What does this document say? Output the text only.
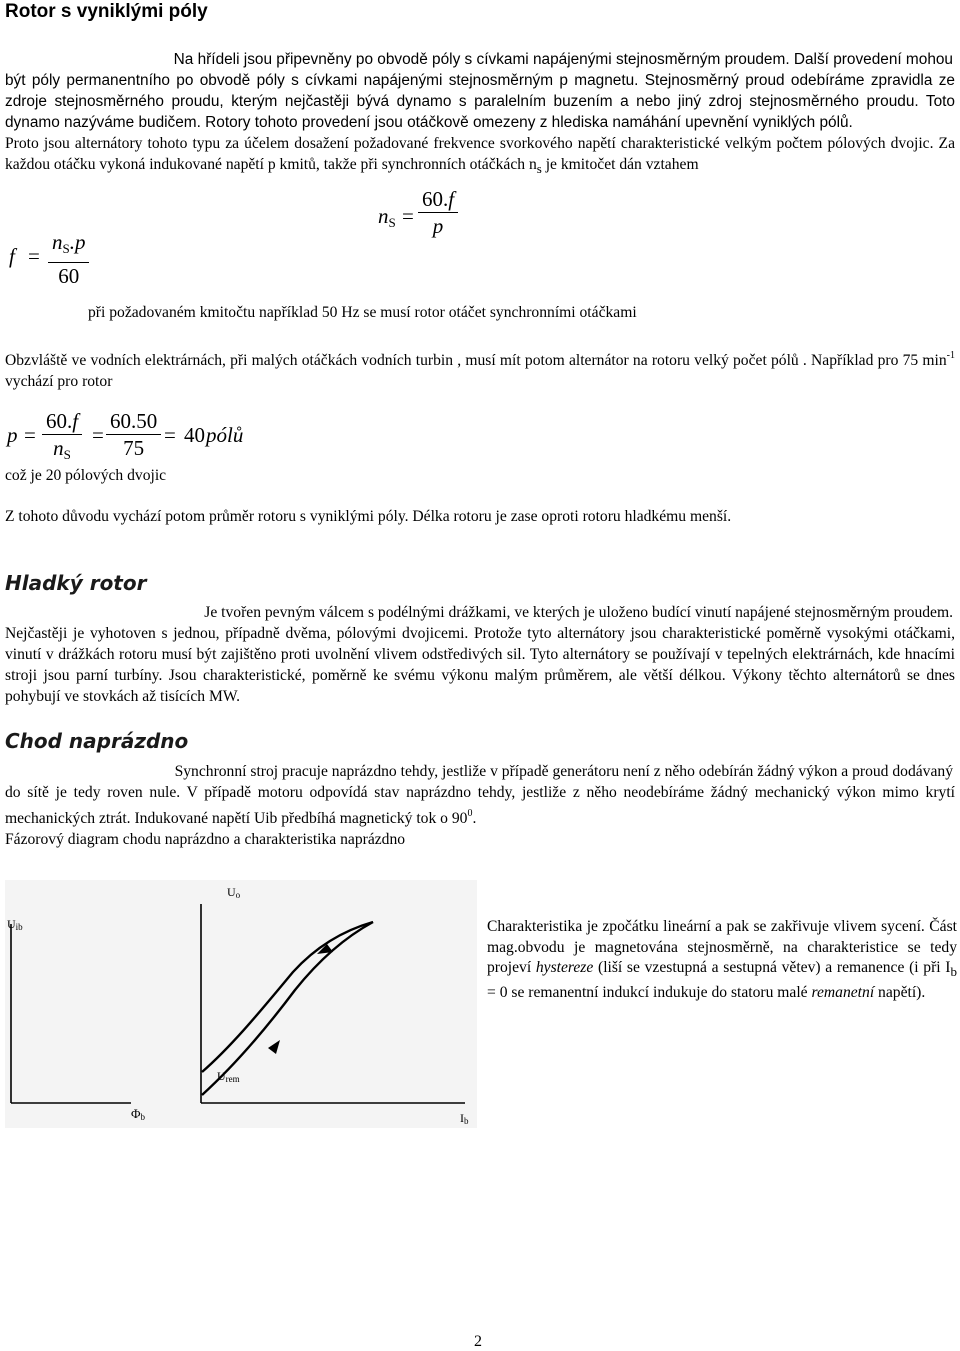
Rotor s vyniklými póly
Na hřídeli jsou připevněny po obvodě póly s cívkami napájenými stejnosměrným proudem. Další provedení mohou
být póly permanentního po obvodě póly s cívkami napájenými stejnosměrným p magnetu. Stejnosměrný proud odebíráme zpravidla ze zdroje stejnosměrného proudu, kterým nejčastěji bývá dynamo s paralelním buzením a nebo jiný zdroj stejnosměrného proudu. Toto dynamo nazýváme budičem. Rotory tohoto provedení jsou otáčkově omezeny z hlediska namáhání upevnění vyniklých pólů.
Proto jsou alternátory tohoto typu za účelem dosažení požadované frekvence svorkového napětí charakteristické velkým počtem pólových dvojic. Za každou otáčku vykoná indukované napětí p kmitů, takže při synchronních otáčkách $n_s$ je kmitočet dán vztahem
$f = \frac{n_S.p}{60}$
$n_S = \frac{60.f}{p}$
při požadovaném kmitočtu například 50 Hz se musí rotor otáčet synchronními otáčkami
Obzvláště ve vodních elektrárnách, při malých otáčkách vodních turbin , musí mít potom alternátor na rotoru velký počet pólů . Například pro 75 $\min^{-1}$ vychází pro rotor
$p = \frac{60.f}{n_S} = \frac{60.50}{75} = 40$ pólů
což je 20 pólových dvojic
Z tohoto důvodu vychází potom průměr rotoru s vyniklými póly. Délka rotoru je zase oproti rotoru hladkému menší.
Hladký rotor
Je tvořen pevným válcem s podélnými drážkami, ve kterých je uloženo budící vinutí napájené stejnosměrným proudem.
Nejčastěji je vyhotoven s jednou, případně dvěma, pólovými dvojicemi. Protože tyto alternátory jsou charakteristické poměrně vysokými otáčkami, vinutí v drážkách rotoru musí být zajištěno proti uvolnění vlivem odstředivých sil. Tyto alternátory se používají v tepelných elektrárnách, kde hnacími stroji jsou parní turbíny. Jsou charakteristické, poměrně ke svému výkonu malým průměrem, ale větší délkou. Výkony těchto alternátorů se dnes pohybují ve stovkách až tisících MW.
Chod naprázdno
Synchronní stroj pracuje naprázdno tehdy, jestliže v případě generátoru není z něho odebírán žádný výkon a proud dodávaný
do sítě je tedy roven nule. V případě motoru odpovídá stav naprázdno tehdy, jestliže z něho neodebíráme žádný mechanický výkon mimo krytí mechanických ztrát. Indukované napětí Uib předbíhá magnetický tok o $90^0$.
Fázorový diagram chodu naprázdno a charakteristika naprázdno
Uib
Φb
Uo
Urem
Ib
Charakteristika je zpočátku lineární a pak se zakřivuje vlivem sycení. Část mag.obvodu je magnetována stejnosměrně, na charakteristice se tedy projeví hystereze (liší se vzestupná a sestupná větev) a remanence (i při $I_b = 0$ se remanentní indukcí indukuje do statoru malé remanetní napětí).
2
